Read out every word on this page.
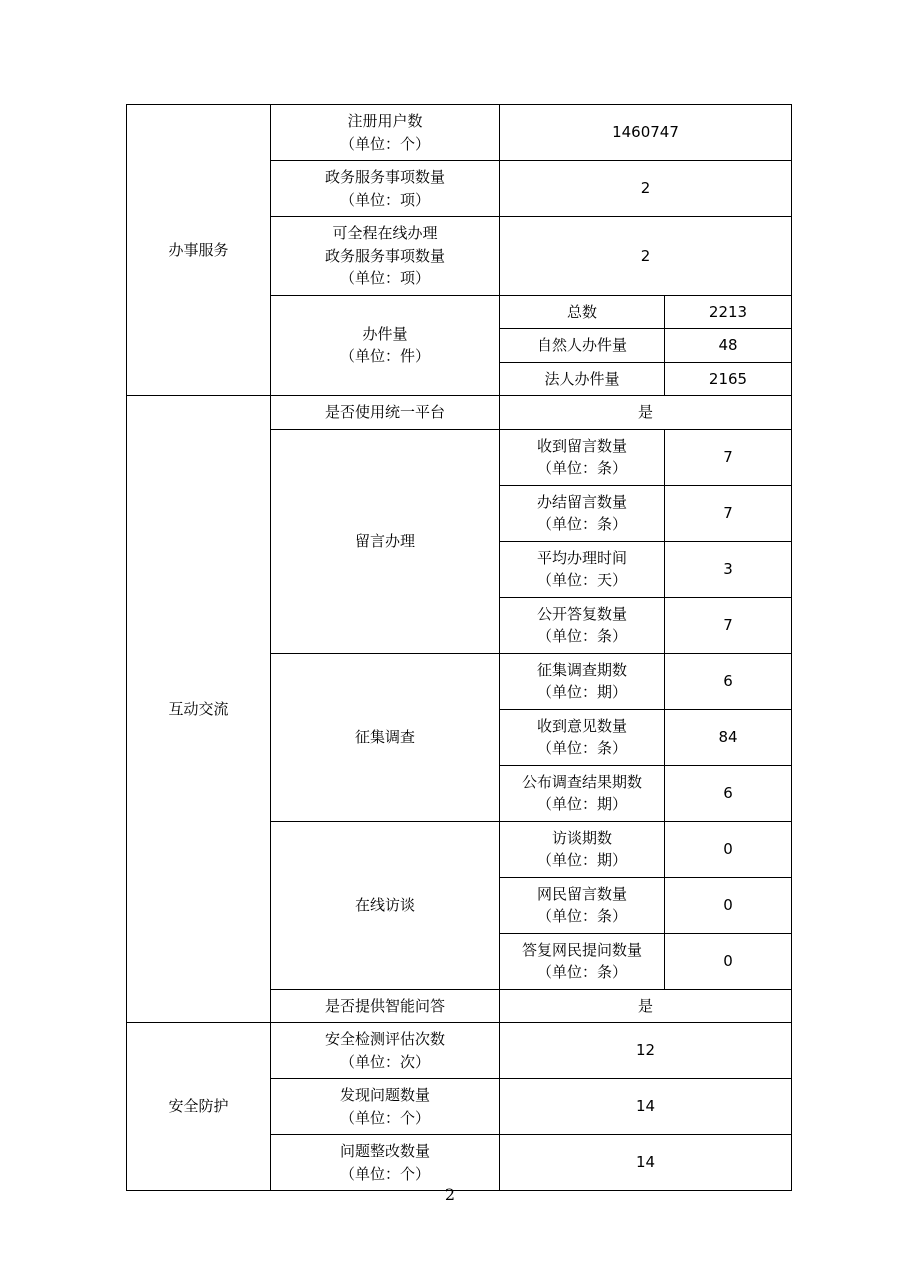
办事服务	注册用户数
（单位：个）	1460747	

	政务服务事项数量
（单位：项）	2	

	可全程在线办理
政务服务事项数量
（单位：项）	2	

	办件量
（单位：件）	总数	2213
		自然人办件量	48
		法人办件量	2165
互动交流	是否使用统一平台	是	
	留言办理	收到留言数量
（单位：条）	7

		办结留言数量
（单位：条）	7

		平均办理时间
（单位：天）	3

		公开答复数量
（单位：条）	7
	征集调查	征集调查期数
（单位：期）	6

		收到意见数量
（单位：条）	84

		公布调查结果期数
（单位：期）	6
	在线访谈	访谈期数
（单位：期）	0

		网民留言数量
（单位：条）	0

		答复网民提问数量
（单位：条）	0
	是否提供智能问答	是	
安全防护	安全检测评估次数
（单位：次）	12	

	发现问题数量
（单位：个）	14	

	问题整改数量
（单位：个）	14	
2
